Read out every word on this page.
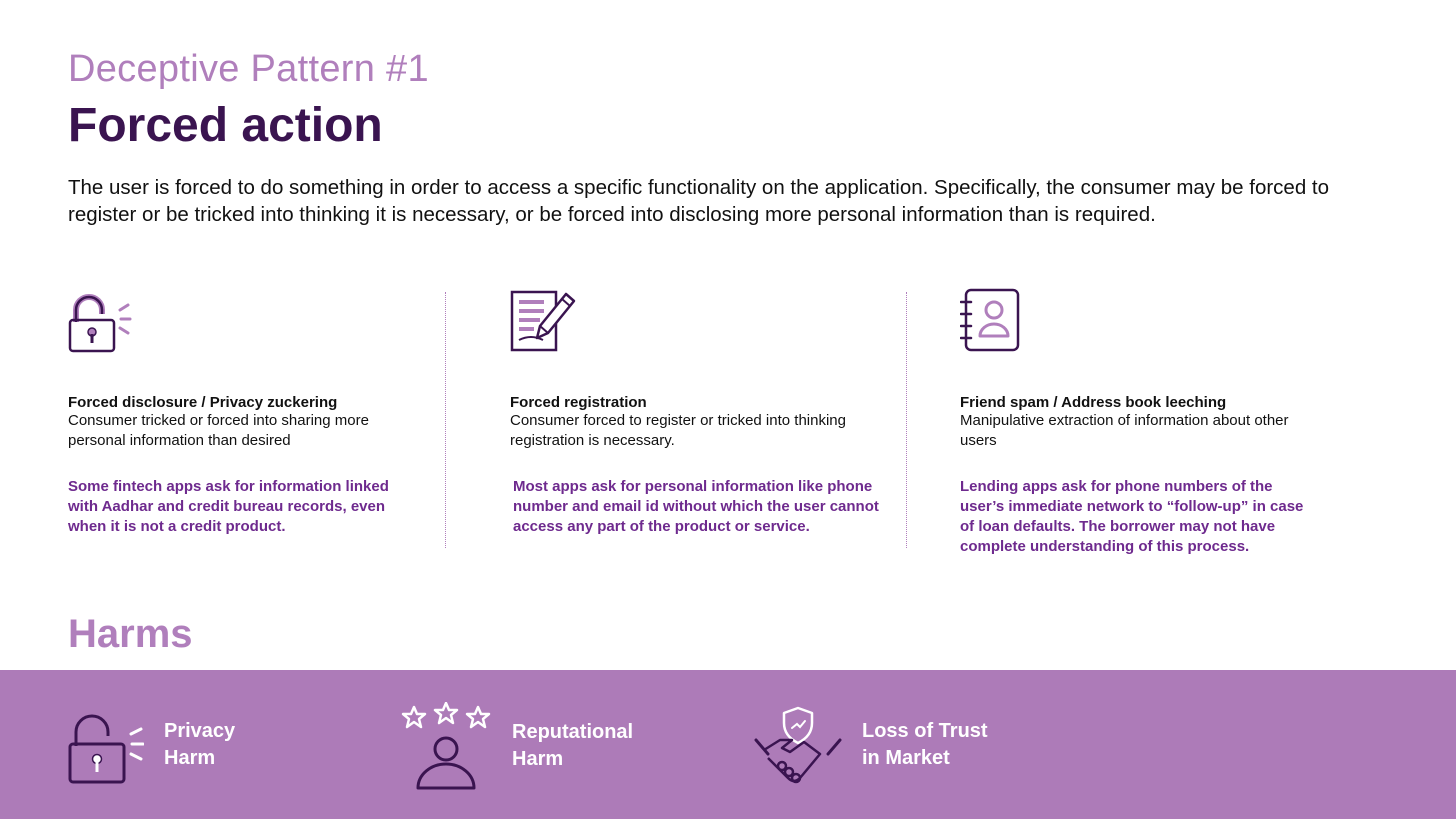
Deceptive Pattern #1
Forced action
The user is forced to do something in order to access a specific functionality on the application. Specifically, the consumer may be forced to register or be tricked into thinking it is necessary, or be forced into disclosing more personal information than is required.
Forced disclosure / Privacy zuckering
Consumer tricked or forced into sharing more personal information than desired
Some fintech apps ask for information linked with Aadhar and credit bureau records, even when it is not a credit product.
Forced registration
Consumer forced to register or tricked into thinking registration is necessary.
Most apps ask for personal information like phone number and email id without which the user cannot access any part of the product or service.
Friend spam / Address book leeching
Manipulative extraction of information about other users
Lending apps ask for phone numbers of the user’s immediate network to “follow-up” in case of loan defaults. The borrower may not have complete understanding of this process.
Harms
Privacy
Harm
Reputational
Harm
Loss of Trust
in Market
